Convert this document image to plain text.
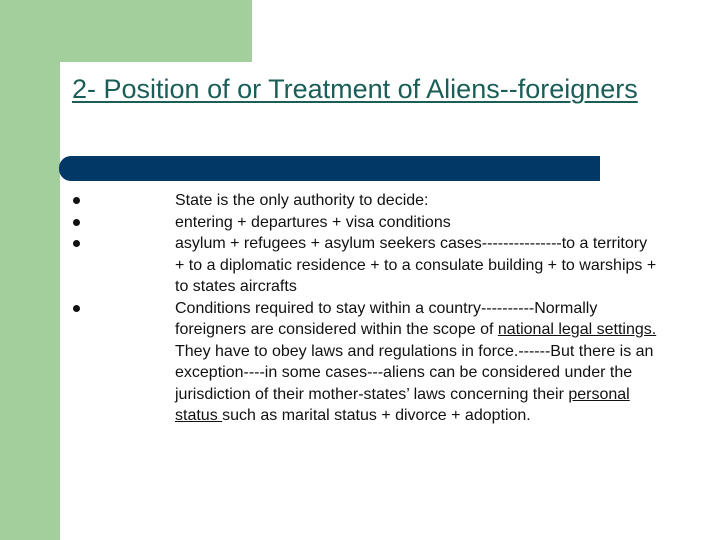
2- Position of or Treatment of Aliens--foreigners
State is the only authority to decide:
entering + departures + visa conditions
asylum + refugees + asylum seekers cases---------------to a territory + to a diplomatic residence + to a consulate building + to warships + to states aircrafts
Conditions required to stay within a country----------Normally foreigners are considered within the scope of national legal settings.  They have to obey laws and regulations in force.------But there is an exception----in some cases---aliens can be considered under the jurisdiction of their mother-states’ laws concerning their personal status such as marital status + divorce + adoption.
